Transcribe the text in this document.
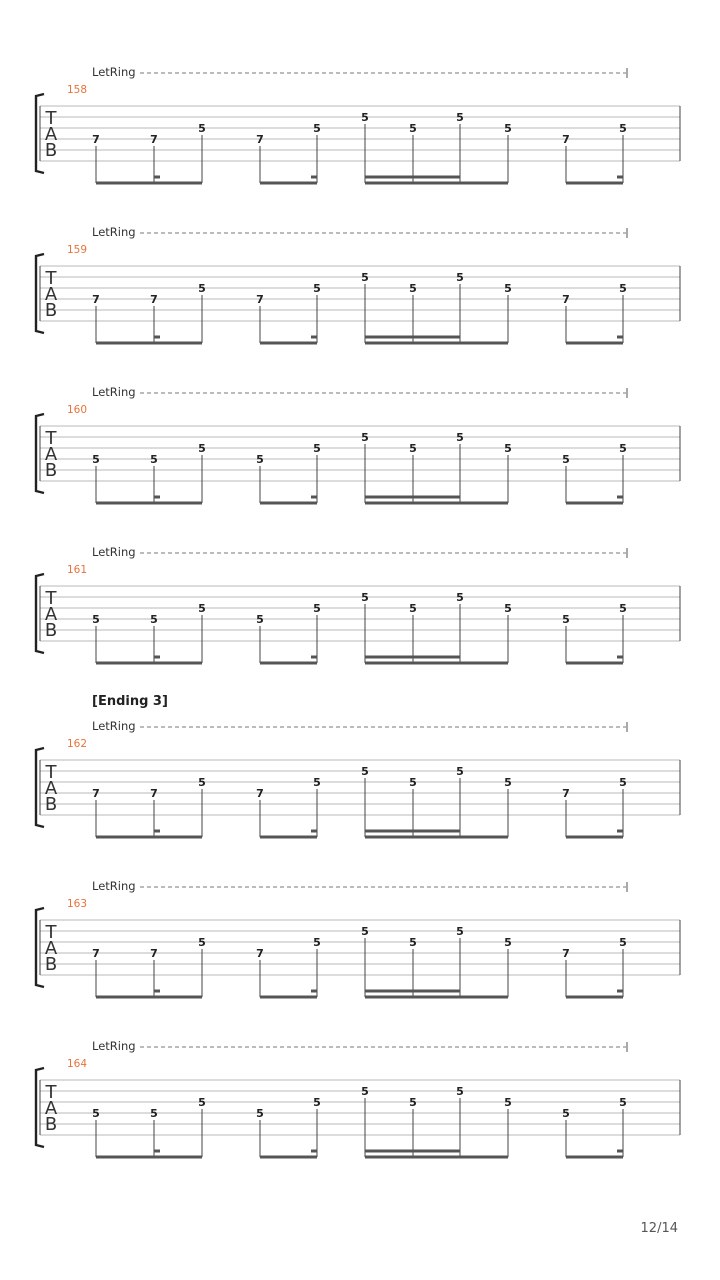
LetRing
158
T
A
B
7	7
5
7
5
5
5
5
5
7
5
LetRing
159
T
A
B
7	7
5
7
5
5
5
5
5
7
5
LetRing
160
T
A
B
5	5
5
5
5
5
5
5
5
5
5
LetRing
161
T
A
B
5	5
5
5
5
5
5
5
5
5
5
LetRing
162
T
A
B
7	7
5
7
5
5
5
5
5
7
5
LetRing
163
T
A
B
7	7
5
7
5
5
5
5
5
7
5
LetRing
164
T
A
B
5	5
5
5
5
5
5
5
5
5
5
[Ending 3]
12/14
